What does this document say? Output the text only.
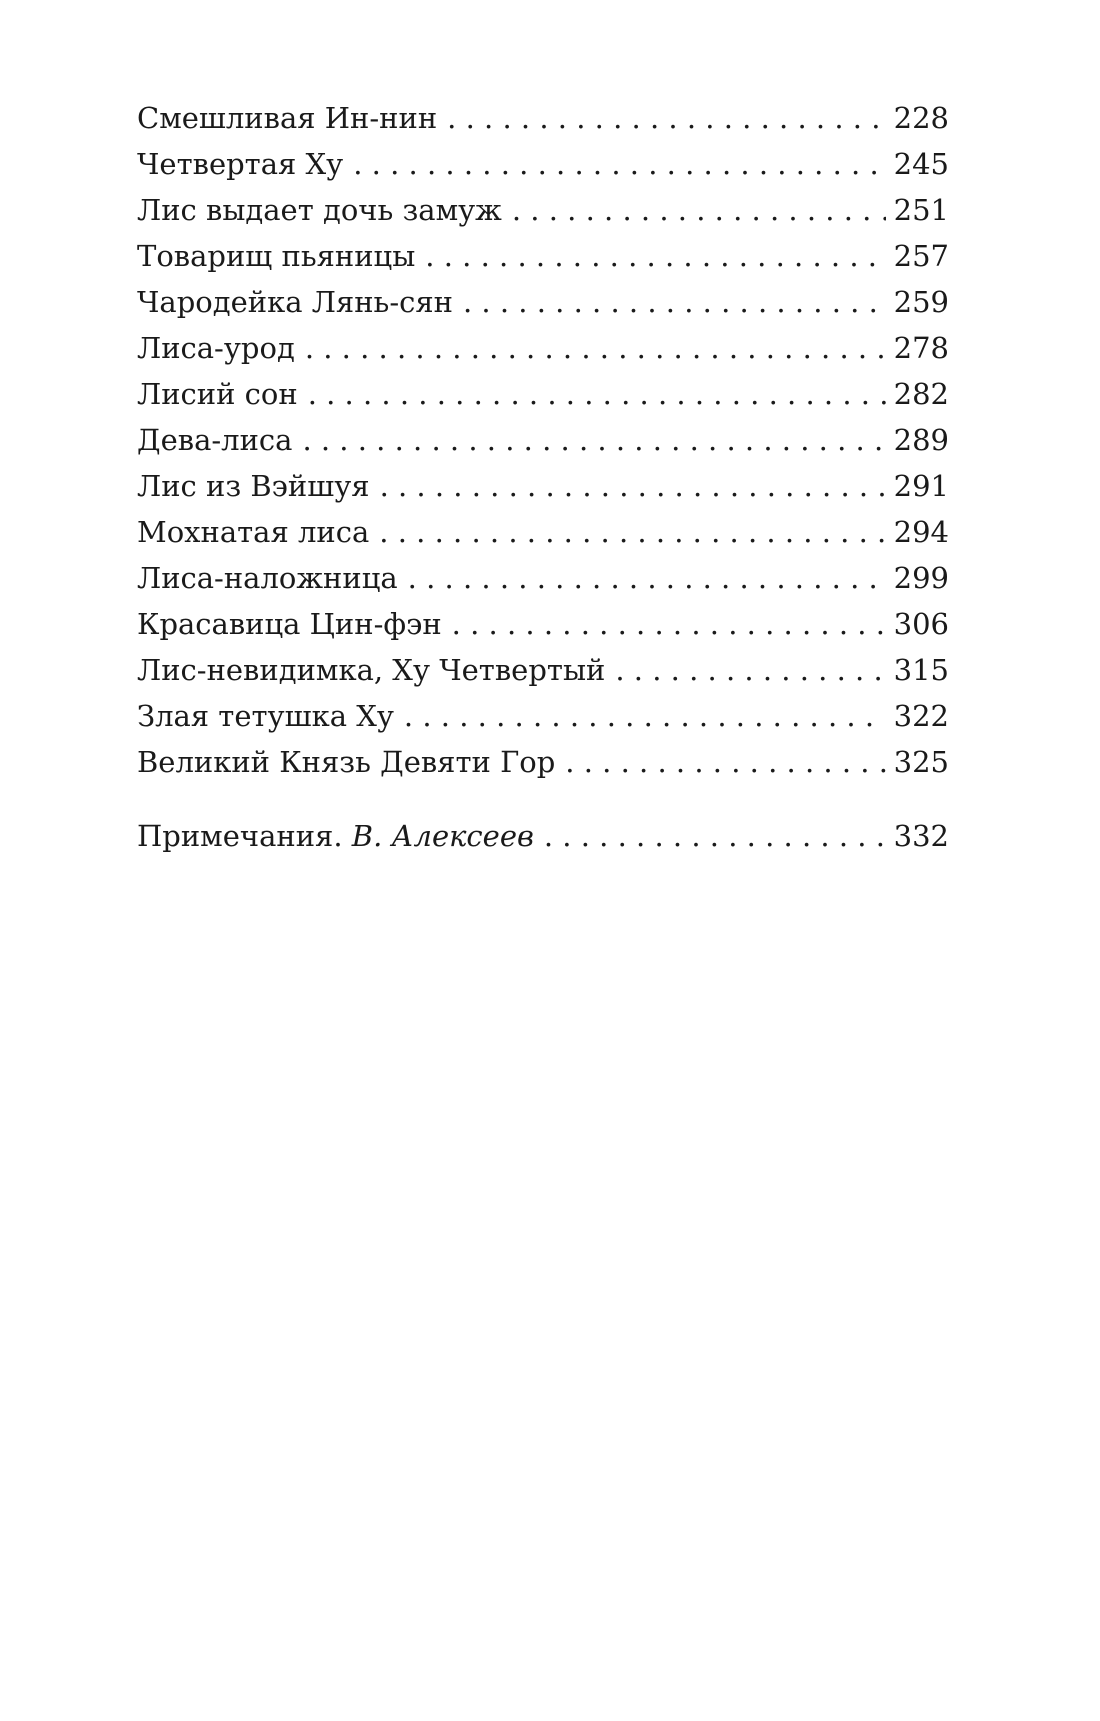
Смешливая Ин-нин . . .	228
Четвертая Ху . . .	245
Лис выдает дочь замуж . . .	251
Товарищ пьяницы . . .	257
Чародейка Лянь-сян . . .	259
Лиса-урод . . .	278
Лисий сон . . .	282
Дева-лиса . . .	289
Лис из Вэйшуя . . .	291
Мохнатая лиса . . .	294
Лиса-наложница . . .	299
Красавица Цин-фэн . . .	306
Лис-невидимка, Ху Четвертый . . .	315
Злая тетушка Ху . . .	322
Великий Князь Девяти Гор . . .	325
Примечания. В. Алексеев . . .	332
